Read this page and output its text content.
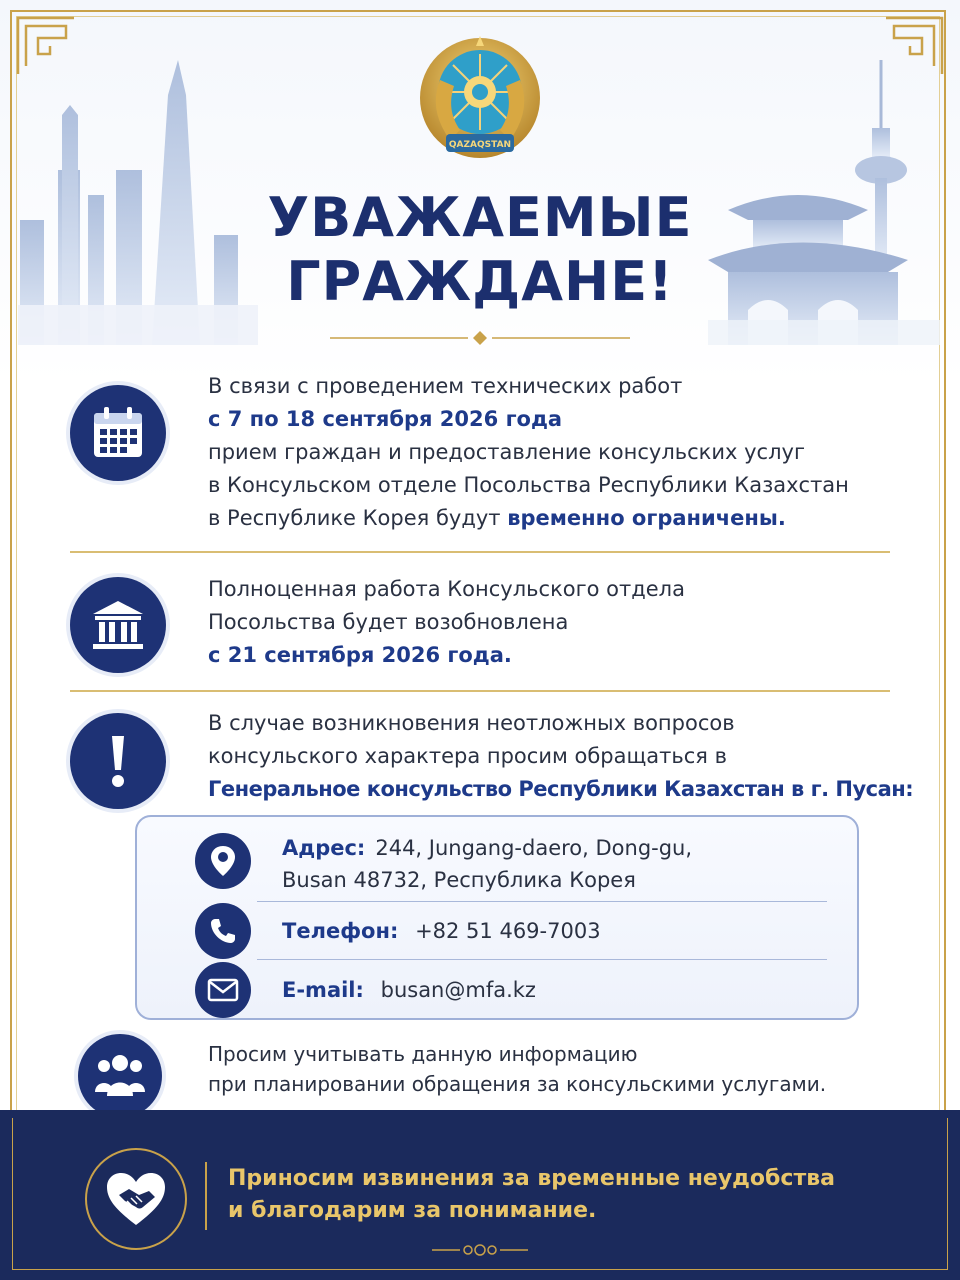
QAZAQSTAN
УВАЖАЕМЫЕ
ГРАЖДАНЕ!
В связи с проведением технических работ
с 7 по 18 сентября 2026 года
прием граждан и предоставление консульских услуг
в Консульском отделе Посольства Республики Казахстан
в Республике Корея будут временно ограничены.
Полноценная работа Консульского отдела
Посольства будет возобновлена
с 21 сентября 2026 года.
В случае возникновения неотложных вопросов
консульского характера просим обращаться в
Генеральное консульство Республики Казахстан в г. Пусан:
Адрес: 244, Jungang-daero, Dong-gu,
Busan 48732, Республика Корея
Телефон: +82 51 469-7003
E-mail: busan@mfa.kz
Просим учитывать данную информацию
при планировании обращения за консульскими услугами.
Приносим извинения за временные неудобства
и благодарим за понимание.
